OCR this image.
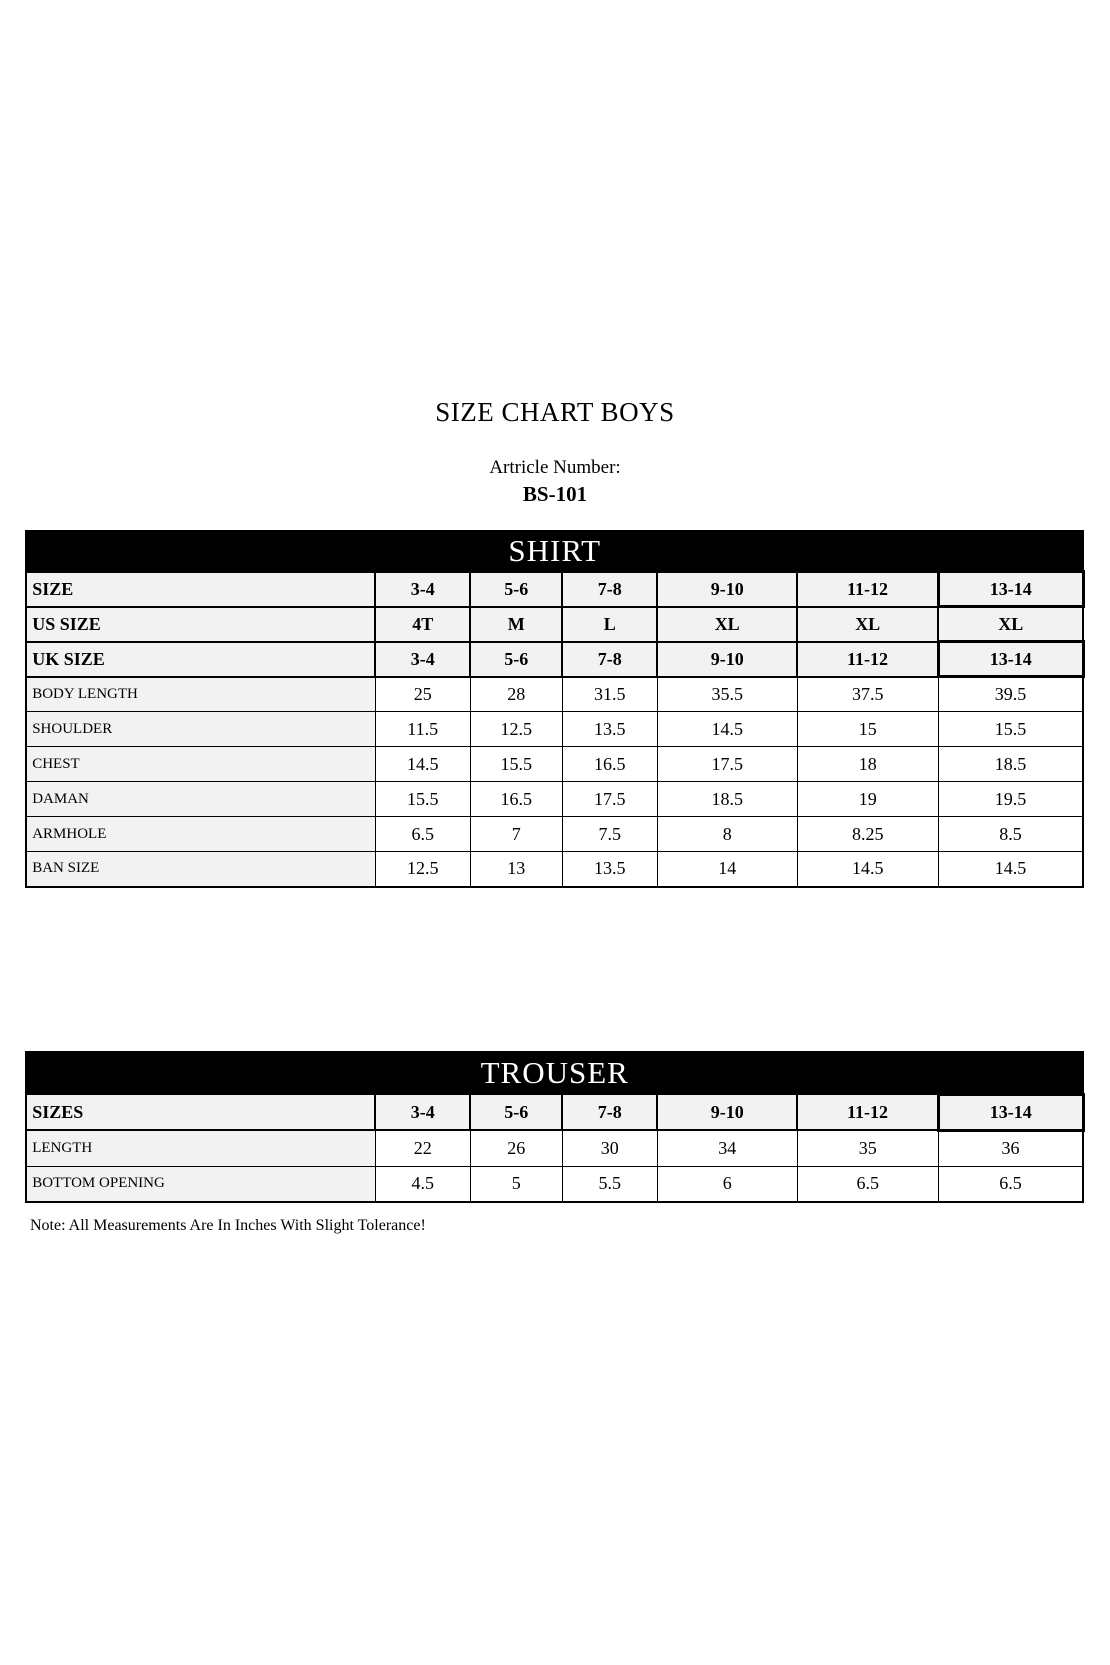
SIZE CHART BOYS
Artricle Number:
BS-101
SHIRT						
SIZE	3-4	5-6	7-8	9-10	11-12	13-14
US SIZE	4T	M	L	XL	XL	XL
UK SIZE	3-4	5-6	7-8	9-10	11-12	13-14
BODY LENGTH	25	28	31.5	35.5	37.5	39.5
SHOULDER	11.5	12.5	13.5	14.5	15	15.5
CHEST	14.5	15.5	16.5	17.5	18	18.5
DAMAN	15.5	16.5	17.5	18.5	19	19.5
ARMHOLE	6.5	7	7.5	8	8.25	8.5
BAN SIZE	12.5	13	13.5	14	14.5	14.5
TROUSER						
SIZES	3-4	5-6	7-8	9-10	11-12	13-14
LENGTH	22	26	30	34	35	36
BOTTOM OPENING	4.5	5	5.5	6	6.5	6.5
Note: All Measurements Are In Inches With Slight Tolerance!
